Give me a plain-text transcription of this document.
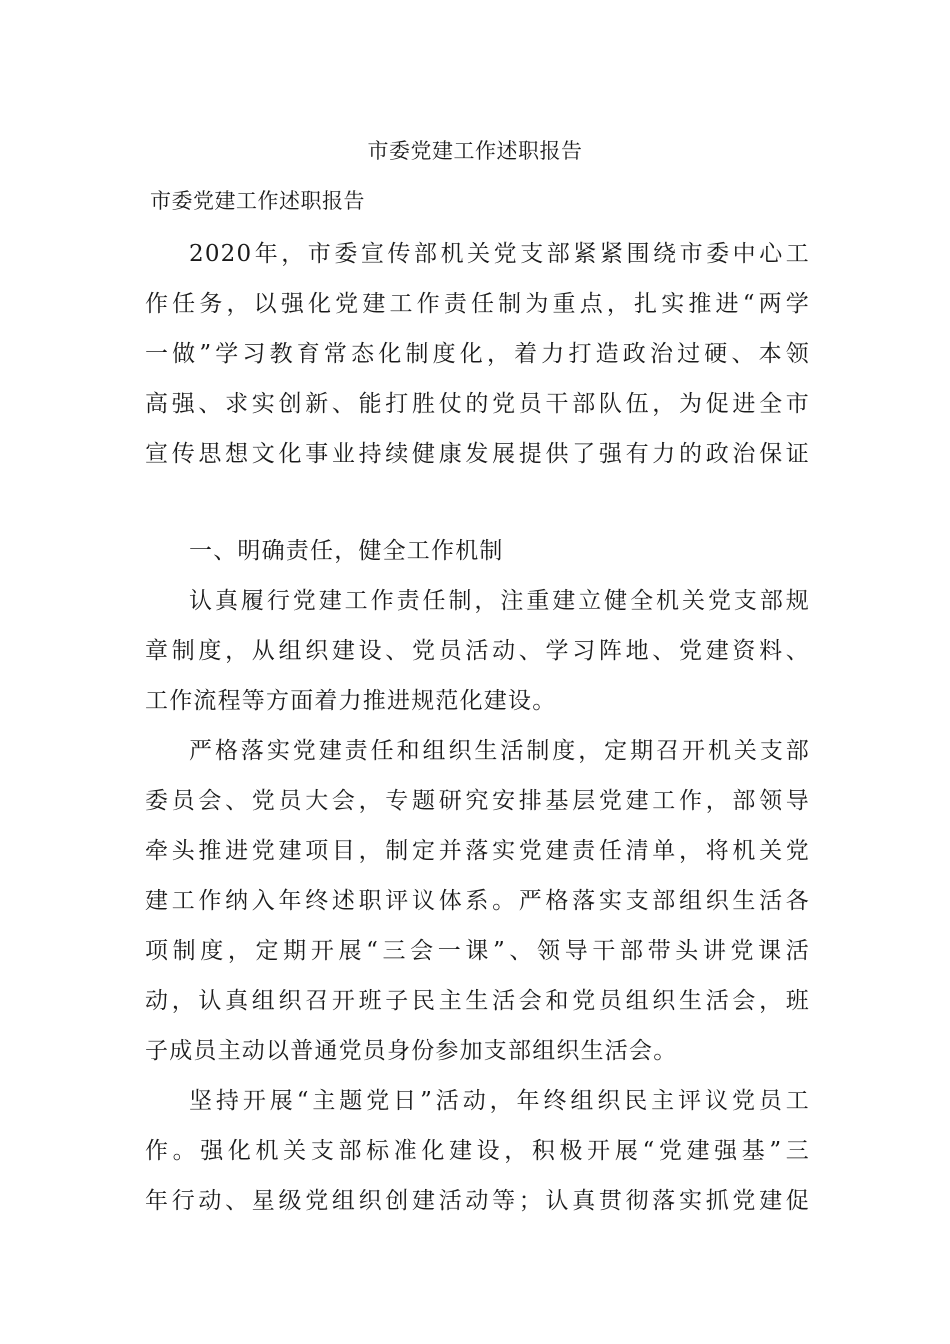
市委党建工作述职报告
市委党建工作述职报告
2020年，市委宣传部机关党支部紧紧围绕市委中心工
作任务，以强化党建工作责任制为重点，扎实推进“两学
一做”学习教育常态化制度化，着力打造政治过硬、本领
高强、求实创新、能打胜仗的党员干部队伍，为促进全市
宣传思想文化事业持续健康发展提供了强有力的政治保证
一、明确责任，健全工作机制
认真履行党建工作责任制，注重建立健全机关党支部规
章制度，从组织建设、党员活动、学习阵地、党建资料、
工作流程等方面着力推进规范化建设。
严格落实党建责任和组织生活制度，定期召开机关支部
委员会、党员大会，专题研究安排基层党建工作，部领导
牵头推进党建项目，制定并落实党建责任清单，将机关党
建工作纳入年终述职评议体系。严格落实支部组织生活各
项制度，定期开展“三会一课”、领导干部带头讲党课活
动，认真组织召开班子民主生活会和党员组织生活会，班
子成员主动以普通党员身份参加支部组织生活会。
坚持开展“主题党日”活动，年终组织民主评议党员工
作。强化机关支部标准化建设，积极开展“党建强基”三
年行动、星级党组织创建活动等；认真贯彻落实抓党建促
